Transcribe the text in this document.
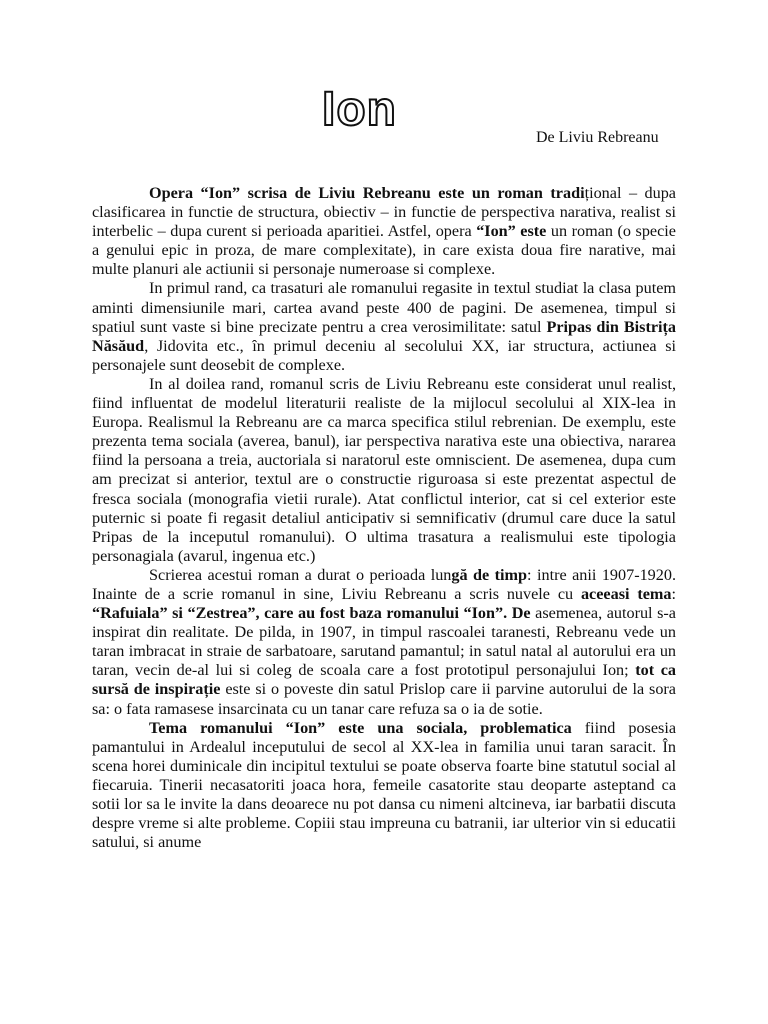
Ion
De Liviu Rebreanu

Opera “Ion” scrisa de Liviu Rebreanu este un roman tradițional – dupa clasificarea in functie de structura, obiectiv – in functie de perspectiva narativa, realist si interbelic – dupa curent si perioada aparitiei. Astfel, opera “Ion” este un roman (o specie a genului epic in proza, de mare complexitate), in care exista doua fire narative, mai multe planuri ale actiunii si personaje numeroase si complexe.

In primul rand, ca trasaturi ale romanului regasite in textul studiat la clasa putem aminti dimensiunile mari, cartea avand peste 400 de pagini. De asemenea, timpul si spatiul sunt vaste si bine precizate pentru a crea verosimilitate: satul Pripas din Bistrița Năsăud, Jidovita etc., în primul deceniu al secolului XX, iar structura, actiunea si personajele sunt deosebit de complexe.

In al doilea rand, romanul scris de Liviu Rebreanu este considerat unul realist, fiind influentat de modelul literaturii realiste de la mijlocul secolului al XIX-lea in Europa. Realismul la Rebreanu are ca marca specifica stilul rebrenian. De exemplu, este prezenta tema sociala (averea, banul), iar perspectiva narativa este una obiectiva, nararea fiind la persoana a treia, auctoriala si naratorul este omniscient. De asemenea, dupa cum am precizat si anterior, textul are o constructie riguroasa si este prezentat aspectul de fresca sociala (monografia vietii rurale). Atat conflictul interior, cat si cel exterior este puternic si poate fi regasit detaliul anticipativ si semnificativ (drumul care duce la satul Pripas de la inceputul romanului). O ultima trasatura a realismului este tipologia personagiala (avarul, ingenua etc.)

Scrierea acestui roman a durat o perioada lungă de timp: intre anii 1907-1920. Inainte de a scrie romanul in sine, Liviu Rebreanu a scris nuvele cu aceeasi tema: “Rafuiala” si “Zestrea”, care au fost baza romanului “Ion”. De asemenea, autorul s-a inspirat din realitate. De pilda, in 1907, in timpul rascoalei taranesti, Rebreanu vede un taran imbracat in straie de sarbatoare, sarutand pamantul; in satul natal al autorului era un taran, vecin de-al lui si coleg de scoala care a fost prototipul personajului Ion; tot ca sursă de inspirație este si o poveste din satul Prislop care ii parvine autorului de la sora sa: o fata ramasese insarcinata cu un tanar care refuza sa o ia de sotie.

Tema romanului “Ion” este una sociala, problematica fiind posesia pamantului in Ardealul inceputului de secol al XX-lea in familia unui taran saracit. În scena horei duminicale din incipitul textului se poate observa foarte bine statutul social al fiecaruia. Tinerii necasatoriti joaca hora, femeile casatorite stau deoparte asteptand ca sotii lor sa le invite la dans deoarece nu pot dansa cu nimeni altcineva, iar barbatii discuta despre vreme si alte probleme. Copiii stau impreuna cu batranii, iar ulterior vin si educatii satului, si anume
